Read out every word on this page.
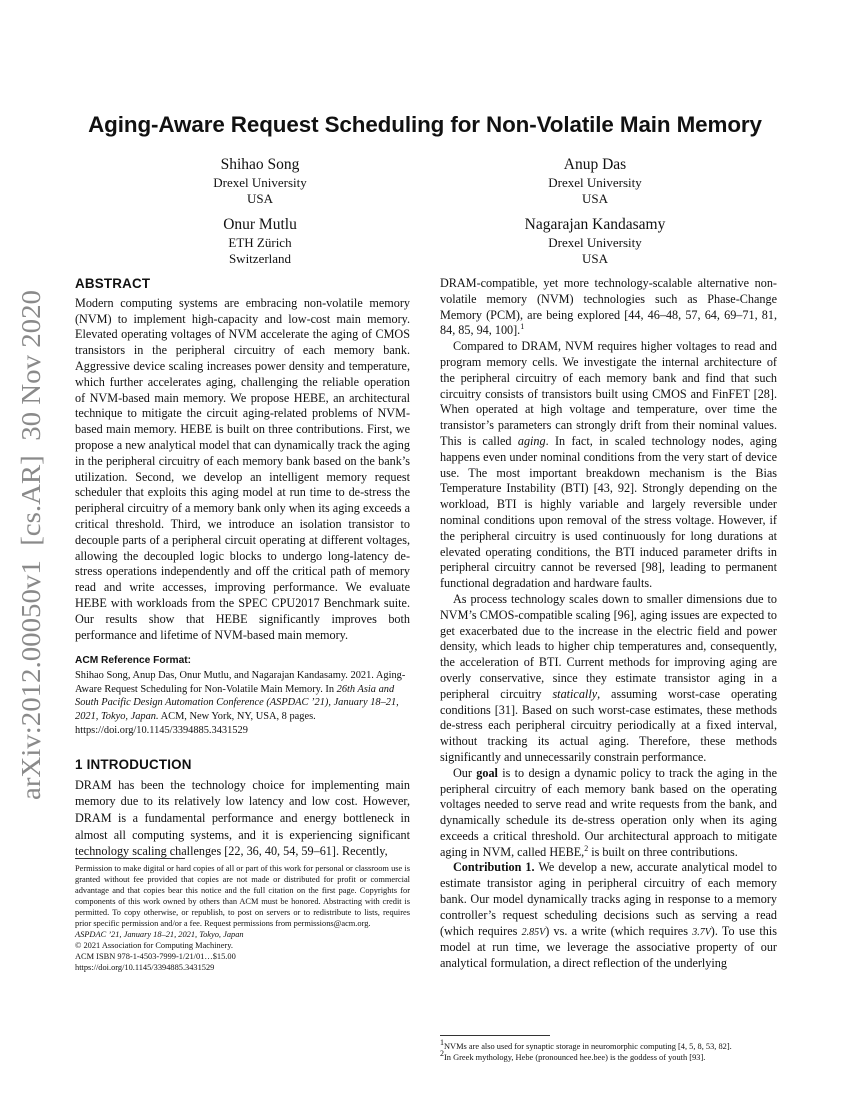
arXiv:2012.00050v1  [cs.AR]  30 Nov 2020
Aging-Aware Request Scheduling for Non-Volatile Main Memory
Shihao Song
Drexel University
USA
Anup Das
Drexel University
USA
Onur Mutlu
ETH Zürich
Switzerland
Nagarajan Kandasamy
Drexel University
USA
ABSTRACT

Modern computing systems are embracing non-volatile memory (NVM) to implement high-capacity and low-cost main memory. Elevated operating voltages of NVM accelerate the aging of CMOS transistors in the peripheral circuitry of each memory bank. Aggressive device scaling increases power density and temperature, which further accelerates aging, challenging the reliable operation of NVM-based main memory. We propose HEBE, an architectural technique to mitigate the circuit aging-related problems of NVM-based main memory. HEBE is built on three contributions. First, we propose a new analytical model that can dynamically track the aging in the peripheral circuitry of each memory bank based on the bank’s utilization. Second, we develop an intelligent memory request scheduler that exploits this aging model at run time to de-stress the peripheral circuitry of a memory bank only when its aging exceeds a critical threshold. Third, we introduce an isolation transistor to decouple parts of a peripheral circuit operating at different voltages, allowing the decoupled logic blocks to undergo long-latency de-stress operations independently and off the critical path of memory read and write accesses, improving performance. We evaluate HEBE with workloads from the SPEC CPU2017 Benchmark suite. Our results show that HEBE significantly improves both performance and lifetime of NVM-based main memory.

ACM Reference Format:
Shihao Song, Anup Das, Onur Mutlu, and Nagarajan Kandasamy. 2021. Aging-Aware Request Scheduling for Non-Volatile Main Memory. In 26th Asia and South Pacific Design Automation Conference (ASPDAC ’21), January 18–21, 2021, Tokyo, Japan. ACM, New York, NY, USA, 8 pages. https://doi.org/10.1145/3394885.3431529
1 INTRODUCTION

DRAM has been the technology choice for implementing main memory due to its relatively low latency and low cost. However, DRAM is a fundamental performance and energy bottleneck in almost all computing systems, and it is experiencing significant technology scaling challenges [22, 36, 40, 54, 59–61]. Recently,

Permission to make digital or hard copies of all or part of this work for personal or classroom use is granted without fee provided that copies are not made or distributed for profit or commercial advantage and that copies bear this notice and the full citation on the first page. Copyrights for components of this work owned by others than ACM must be honored. Abstracting with credit is permitted. To copy otherwise, or republish, to post on servers or to redistribute to lists, requires prior specific permission and/or a fee. Request permissions from permissions@acm.org.
ASPDAC ’21, January 18–21, 2021, Tokyo, Japan
© 2021 Association for Computing Machinery.
ACM ISBN 978-1-4503-7999-1/21/01…$15.00
https://doi.org/10.1145/3394885.3431529

DRAM-compatible, yet more technology-scalable alternative non-volatile memory (NVM) technologies such as Phase-Change Memory (PCM), are being explored [44, 46–48, 57, 64, 69–71, 81, 84, 85, 94, 100].$^1$

Compared to DRAM, NVM requires higher voltages to read and program memory cells. We investigate the internal architecture of the peripheral circuitry of each memory bank and find that such circuitry consists of transistors built using CMOS and FinFET [28]. When operated at high voltage and temperature, over time the transistor’s parameters can strongly drift from their nominal values. This is called aging. In fact, in scaled technology nodes, aging happens even under nominal conditions from the very start of device use. The most important breakdown mechanism is the Bias Temperature Instability (BTI) [43, 92]. Strongly depending on the workload, BTI is highly variable and largely reversible under nominal conditions upon removal of the stress voltage. However, if the peripheral circuitry is used continuously for long durations at elevated operating conditions, the BTI induced parameter drifts in peripheral circuitry cannot be reversed [98], leading to permanent functional degradation and hardware faults.

As process technology scales down to smaller dimensions due to NVM’s CMOS-compatible scaling [96], aging issues are expected to get exacerbated due to the increase in the electric field and power density, which leads to higher chip temperatures and, consequently, the acceleration of BTI. Current methods for improving aging are overly conservative, since they estimate transistor aging in a peripheral circuitry statically, assuming worst-case operating conditions [31]. Based on such worst-case estimates, these methods de-stress each peripheral circuitry periodically at a fixed interval, without tracking its actual aging. Therefore, these methods significantly and unnecessarily constrain performance.

Our goal is to design a dynamic policy to track the aging in the peripheral circuitry of each memory bank based on the operating voltages needed to serve read and write requests from the bank, and dynamically schedule its de-stress operation only when its aging exceeds a critical threshold. Our architectural approach to mitigate aging in NVM, called HEBE,$^2$ is built on three contributions.

Contribution 1. We develop a new, accurate analytical model to estimate transistor aging in peripheral circuitry of each memory bank. Our model dynamically tracks aging in response to a memory controller’s request scheduling decisions such as serving a read (which requires 2.85V) vs. a write (which requires 3.7V). To use this model at run time, we leverage the associative property of our analytical formulation, a direct reflection of the underlying

$^1$NVMs are also used for synaptic storage in neuromorphic computing [4, 5, 8, 53, 82].
$^2$In Greek mythology, Hebe (pronounced hee.bee) is the goddess of youth [93].
